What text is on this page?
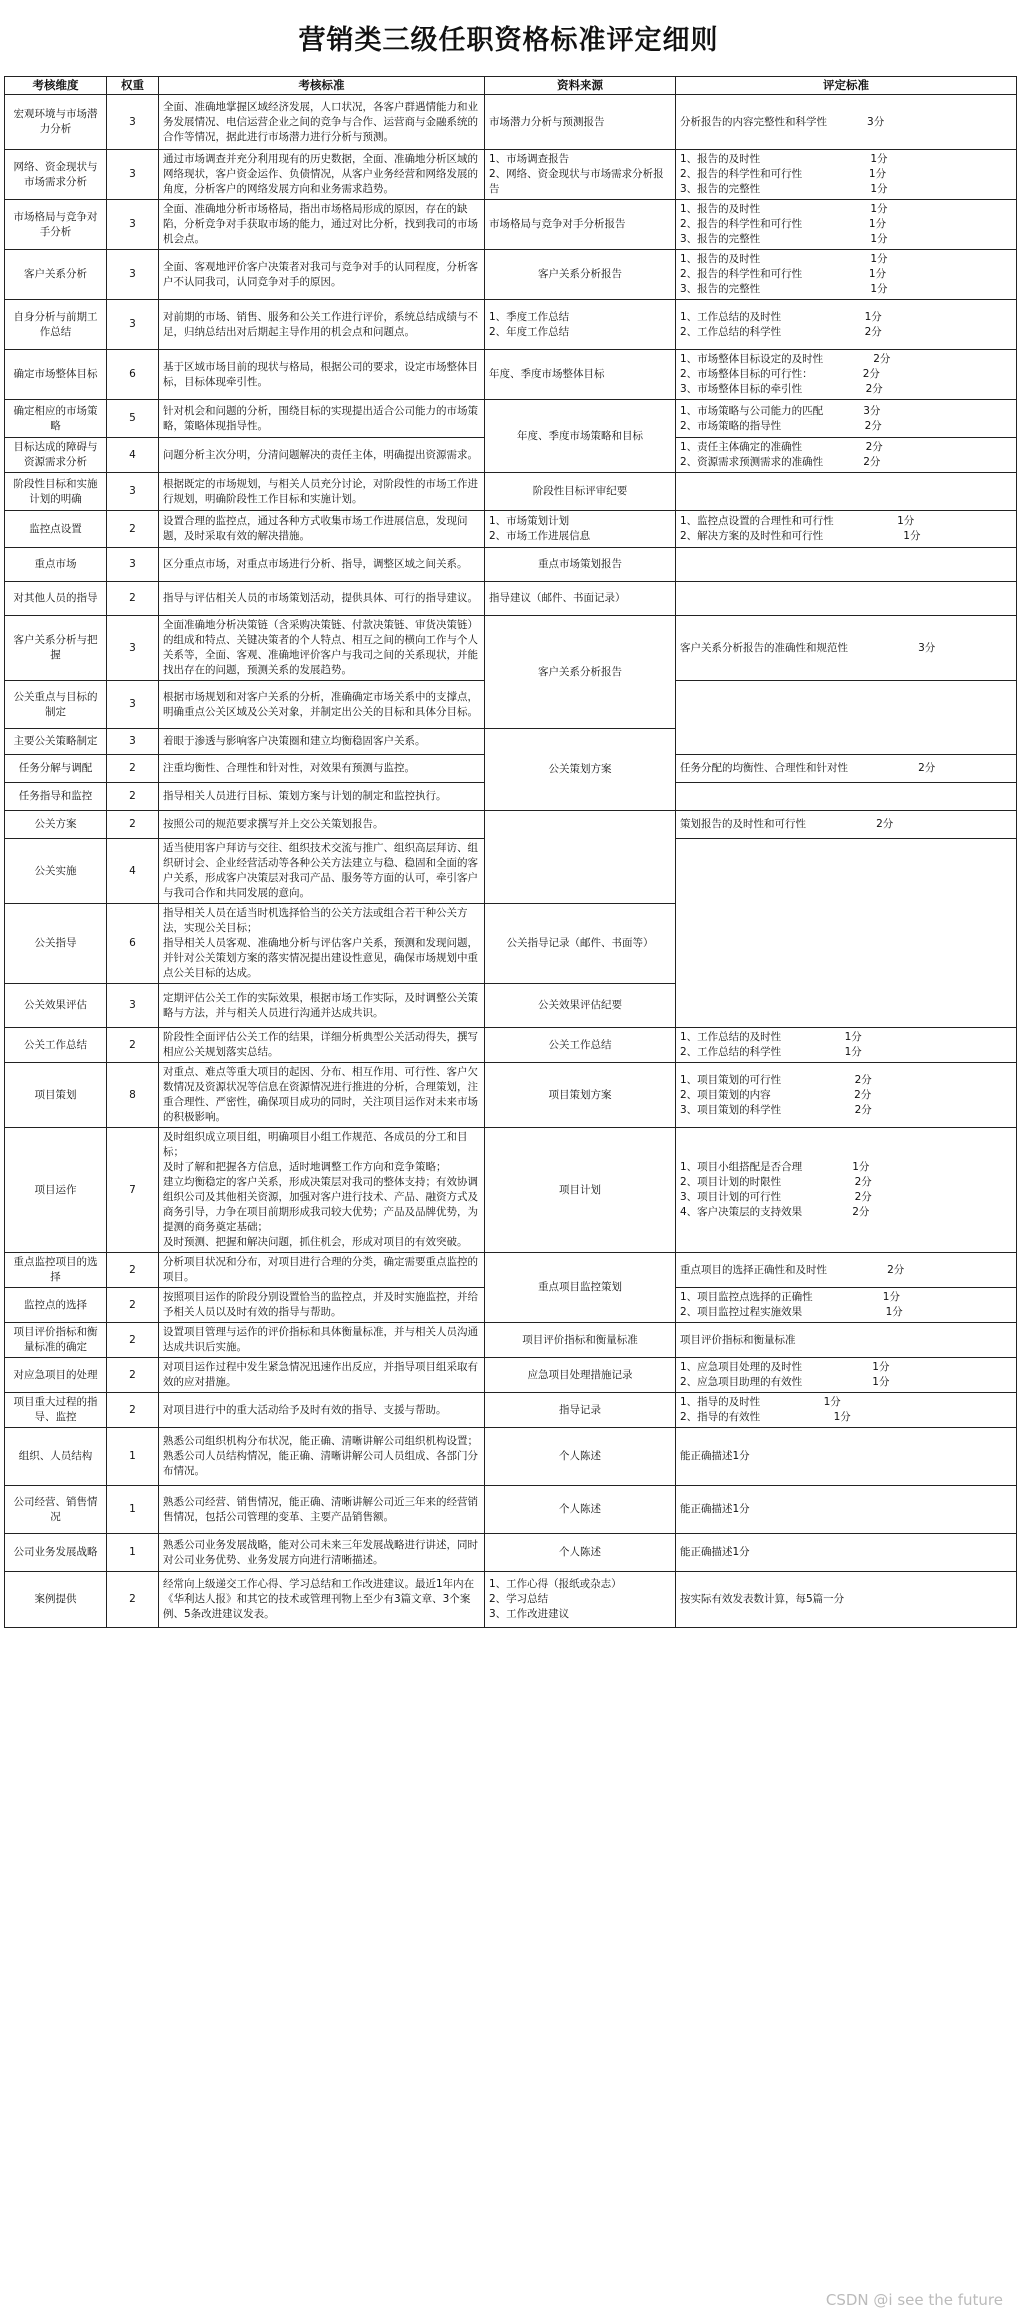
营销类三级任职资格标准评定细则
考核维度	权重	考核标准	资料来源	评定标准

宏观环境与市场潜力分析	3	全面、准确地掌握区域经济发展，人口状况，各客户群遇情能力和业务发展情况、电信运营企业之间的竞争与合作、运营商与金融系统的合作等情况，据此进行市场潜力进行分析与预测。	市场潜力分析与预测报告	分析报告的内容完整性和科学性            3分

网络、资金现状与市场需求分析	3	通过市场调查并充分利用现有的历史数据，全面、准确地分析区域的网络现状，客户资金运作、负债情况，从客户业务经营和网络发展的角度，分析客户的网络发展方向和业务需求趋势。	1、市场调查报告
2、网络、资金现状与市场需求分析报告	1、报告的及时性                                 1分
2、报告的科学性和可行性                    1分
3、报告的完整性                                 1分

市场格局与竞争对手分析	3	全面、准确地分析市场格局，指出市场格局形成的原因，存在的缺陷，分析竞争对手获取市场的能力，通过对比分析，找到我司的市场机会点。	市场格局与竞争对手分析报告	1、报告的及时性                                 1分
2、报告的科学性和可行性                    1分
3、报告的完整性                                 1分

客户关系分析	3	全面、客观地评价客户决策者对我司与竞争对手的认同程度，分析客户不认同我司，认同竞争对手的原因。	客户关系分析报告	1、报告的及时性                                 1分
2、报告的科学性和可行性                    1分
3、报告的完整性                                 1分

自身分析与前期工作总结	3	对前期的市场、销售、服务和公关工作进行评价，系统总结成绩与不足，归纳总结出对后期起主导作用的机会点和问题点。	1、季度工作总结
2、年度工作总结	1、工作总结的及时性                         1分
2、工作总结的科学性                         2分

确定市场整体目标	6	基于区域市场目前的现状与格局，根据公司的要求，设定市场整体目标，目标体现牵引性。	年度、季度市场整体目标	1、市场整体目标设定的及时性               2分
2、市场整体目标的可行性：               2分
3、市场整体目标的牵引性                   2分

确定相应的市场策略	5	针对机会和问题的分析，围绕目标的实现提出适合公司能力的市场策略，策略体现指导性。	年度、季度市场策略和目标	1、市场策略与公司能力的匹配            3分
2、市场策略的指导性                         2分

目标达成的障碍与资源需求分析	4	问题分析主次分明，分清问题解决的责任主体，明确提出资源需求。		1、责任主体确定的准确性                   2分
2、资源需求预测需求的准确性            2分

阶段性目标和实施计划的明确	3	根据既定的市场规划，与相关人员充分讨论，对阶段性的市场工作进行规划，明确阶段性工作目标和实施计划。	阶段性目标评审纪要	

监控点设置	2	设置合理的监控点，通过各种方式收集市场工作进展信息，发现问题，及时采取有效的解决措施。	1、市场策划计划
2、市场工作进展信息	1、监控点设置的合理性和可行性                   1分
2、解决方案的及时性和可行性                        1分

重点市场	3	区分重点市场，对重点市场进行分析、指导，调整区域之间关系。	重点市场策划报告	

对其他人员的指导	2	指导与评估相关人员的市场策划活动，提供具体、可行的指导建议。	指导建议（邮件、书面记录）	

客户关系分析与把握	3	全面准确地分析决策链（含采购决策链、付款决策链、审货决策链）的组成和特点、关键决策者的个人特点、相互之间的横向工作与个人关系等，全面、客观、准确地评价客户与我司之间的关系现状，并能找出存在的问题，预测关系的发展趋势。	客户关系分析报告	客户关系分析报告的准确性和规范性                     3分

公关重点与目标的制定	3	根据市场规划和对客户关系的分析，准确确定市场关系中的支撑点，明确重点公关区域及公关对象，并制定出公关的目标和具体分目标。		

主要公关策略制定	3	着眼于渗透与影响客户决策圈和建立均衡稳固客户关系。	公关策划方案	

任务分解与调配	2	注重均衡性、合理性和针对性，对效果有预测与监控。		任务分配的均衡性、合理性和针对性                     2分

任务指导和监控	2	指导相关人员进行目标、策划方案与计划的制定和监控执行。		

公关方案	2	按照公司的规范要求撰写并上交公关策划报告。		策划报告的及时性和可行性                     2分

公关实施	4	适当使用客户拜访与交往、组织技术交流与推广、组织高层拜访、组织研讨会、企业经营活动等各种公关方法建立与稳、稳固和全面的客户关系，形成客户决策层对我司产品、服务等方面的认可，牵引客户与我司合作和共同发展的意向。		

公关指导	6	指导相关人员在适当时机选择恰当的公关方法或组合若干种公关方法，实现公关目标；
指导相关人员客观、准确地分析与评估客户关系，预测和发现问题，并针对公关策划方案的落实情况提出建设性意见，确保市场规划中重点公关目标的达成。	公关指导记录（邮件、书面等）	

公关效果评估	3	定期评估公关工作的实际效果，根据市场工作实际，及时调整公关策略与方法，并与相关人员进行沟通并达成共识。	公关效果评估纪要	

公关工作总结	2	阶段性全面评估公关工作的结果，详细分析典型公关活动得失，撰写相应公关规划落实总结。	公关工作总结	1、工作总结的及时性                   1分
2、工作总结的科学性                   1分

项目策划	8	对重点、难点等重大项目的起因、分布、相互作用、可行性、客户欠数情况及资源状况等信息在资源情况进行推进的分析，合理策划，注重合理性、严密性，确保项目成功的同时，关注项目运作对未来市场的积极影响。	项目策划方案	1、项目策划的可行性                      2分
2、项目策划的内容                         2分
3、项目策划的科学性                      2分

项目运作	7	及时组织成立项目组，明确项目小组工作规范、各成员的分工和目标；
及时了解和把握各方信息，适时地调整工作方向和竞争策略；
建立均衡稳定的客户关系，形成决策层对我司的整体支持；有效协调组织公司及其他相关资源，加强对客户进行技术、产品、融资方式及商务引导，力争在项目前期形成我司较大优势；产品及品牌优势，为提测的商务奠定基础；
及时预测、把握和解决问题，抓住机会，形成对项目的有效突破。	项目计划	1、项目小组搭配是否合理               1分
2、项目计划的时限性                      2分
3、项目计划的可行性                      2分
4、客户决策层的支持效果               2分

重点监控项目的选择	2	分析项目状况和分布，对项目进行合理的分类，确定需要重点监控的项目。	重点项目监控策划	重点项目的选择正确性和及时性                  2分

监控点的选择	2	按照项目运作的阶段分别设置恰当的监控点，并及时实施监控，并给予相关人员以及时有效的指导与帮助。		1、项目监控点选择的正确性                     1分
2、项目监控过程实施效果                         1分

项目评价指标和衡量标准的确定	2	设置项目管理与运作的评价指标和具体衡量标准，并与相关人员沟通达成共识后实施。	项目评价指标和衡量标准	项目评价指标和衡量标准

对应急项目的处理	2	对项目运作过程中发生紧急情况迅速作出反应，并指导项目组采取有效的应对措施。	应急项目处理措施记录	1、应急项目处理的及时性                     1分
2、应急项目助理的有效性                     1分

项目重大过程的指导、监控	2	对项目进行中的重大活动给予及时有效的指导、支援与帮助。	指导记录	1、指导的及时性                   1分
2、指导的有效性                      1分

组织、人员结构	1	熟悉公司组织机构分布状况，能正确、清晰讲解公司组织机构设置；
熟悉公司人员结构情况，能正确、清晰讲解公司人员组成、各部门分布情况。	个人陈述	能正确描述1分

公司经营、销售情况	1	熟悉公司经营、销售情况，能正确、清晰讲解公司近三年来的经营销售情况，包括公司管理的变革、主要产品销售额。	个人陈述	能正确描述1分

公司业务发展战略	1	熟悉公司业务发展战略，能对公司未来三年发展战略进行讲述，同时对公司业务优势、业务发展方向进行清晰描述。	个人陈述	能正确描述1分

案例提供	2	经常向上级递交工作心得、学习总结和工作改进建议。最近1年内在《华利达人报》和其它的技术或管理刊物上至少有3篇文章、3个案例、5条改进建议发表。	1、工作心得（报纸或杂志）
2、学习总结
3、工作改进建议	按实际有效发表数计算，每5篇一分
CSDN @i see the future
